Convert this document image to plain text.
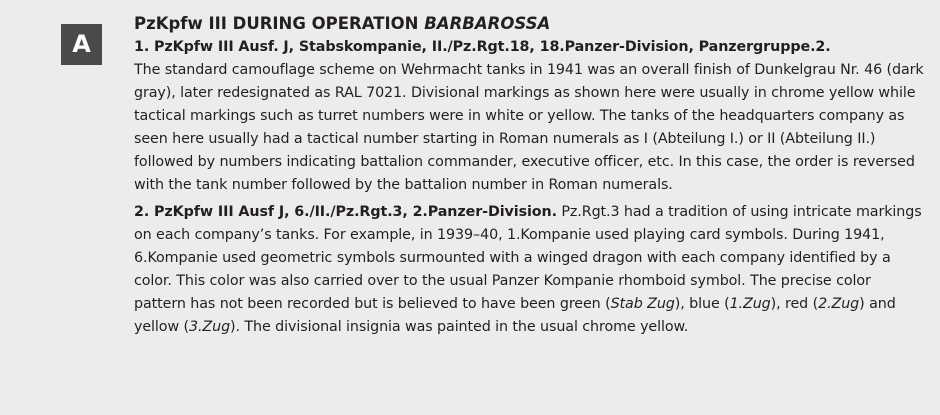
A
PzKpfw III DURING OPERATION BARBAROSSA

1. PzKpfw III Ausf. J, Stabskompanie, II./Pz.Rgt.18, 18.Panzer-Division, Panzergruppe.2.
The standard camouflage scheme on Wehrmacht tanks in 1941 was an overall finish of Dunkelgrau Nr. 46 (dark gray), later redesignated as RAL 7021. Divisional markings as shown here were usually in chrome yellow while tactical markings such as turret numbers were in white or yellow. The tanks of the headquarters company as seen here usually had a tactical number starting in Roman numerals as I (Abteilung I.) or II (Abteilung II.) followed by numbers indicating battalion commander, executive officer, etc. In this case, the order is reversed with the tank number followed by the battalion number in Roman numerals.

2. PzKpfw III Ausf J, 6./II./Pz.Rgt.3, 2.Panzer-Division. Pz.Rgt.3 had a tradition of using intricate markings on each company’s tanks. For example, in 1939–40, 1.Kompanie used playing card symbols. During 1941, 6.Kompanie used geometric symbols surmounted with a winged dragon with each company identified by a color. This color was also carried over to the usual Panzer Kompanie rhomboid symbol. The precise color pattern has not been recorded but is believed to have been green (Stab Zug), blue (1.Zug), red (2.Zug) and yellow (3.Zug). The divisional insignia was painted in the usual chrome yellow.
